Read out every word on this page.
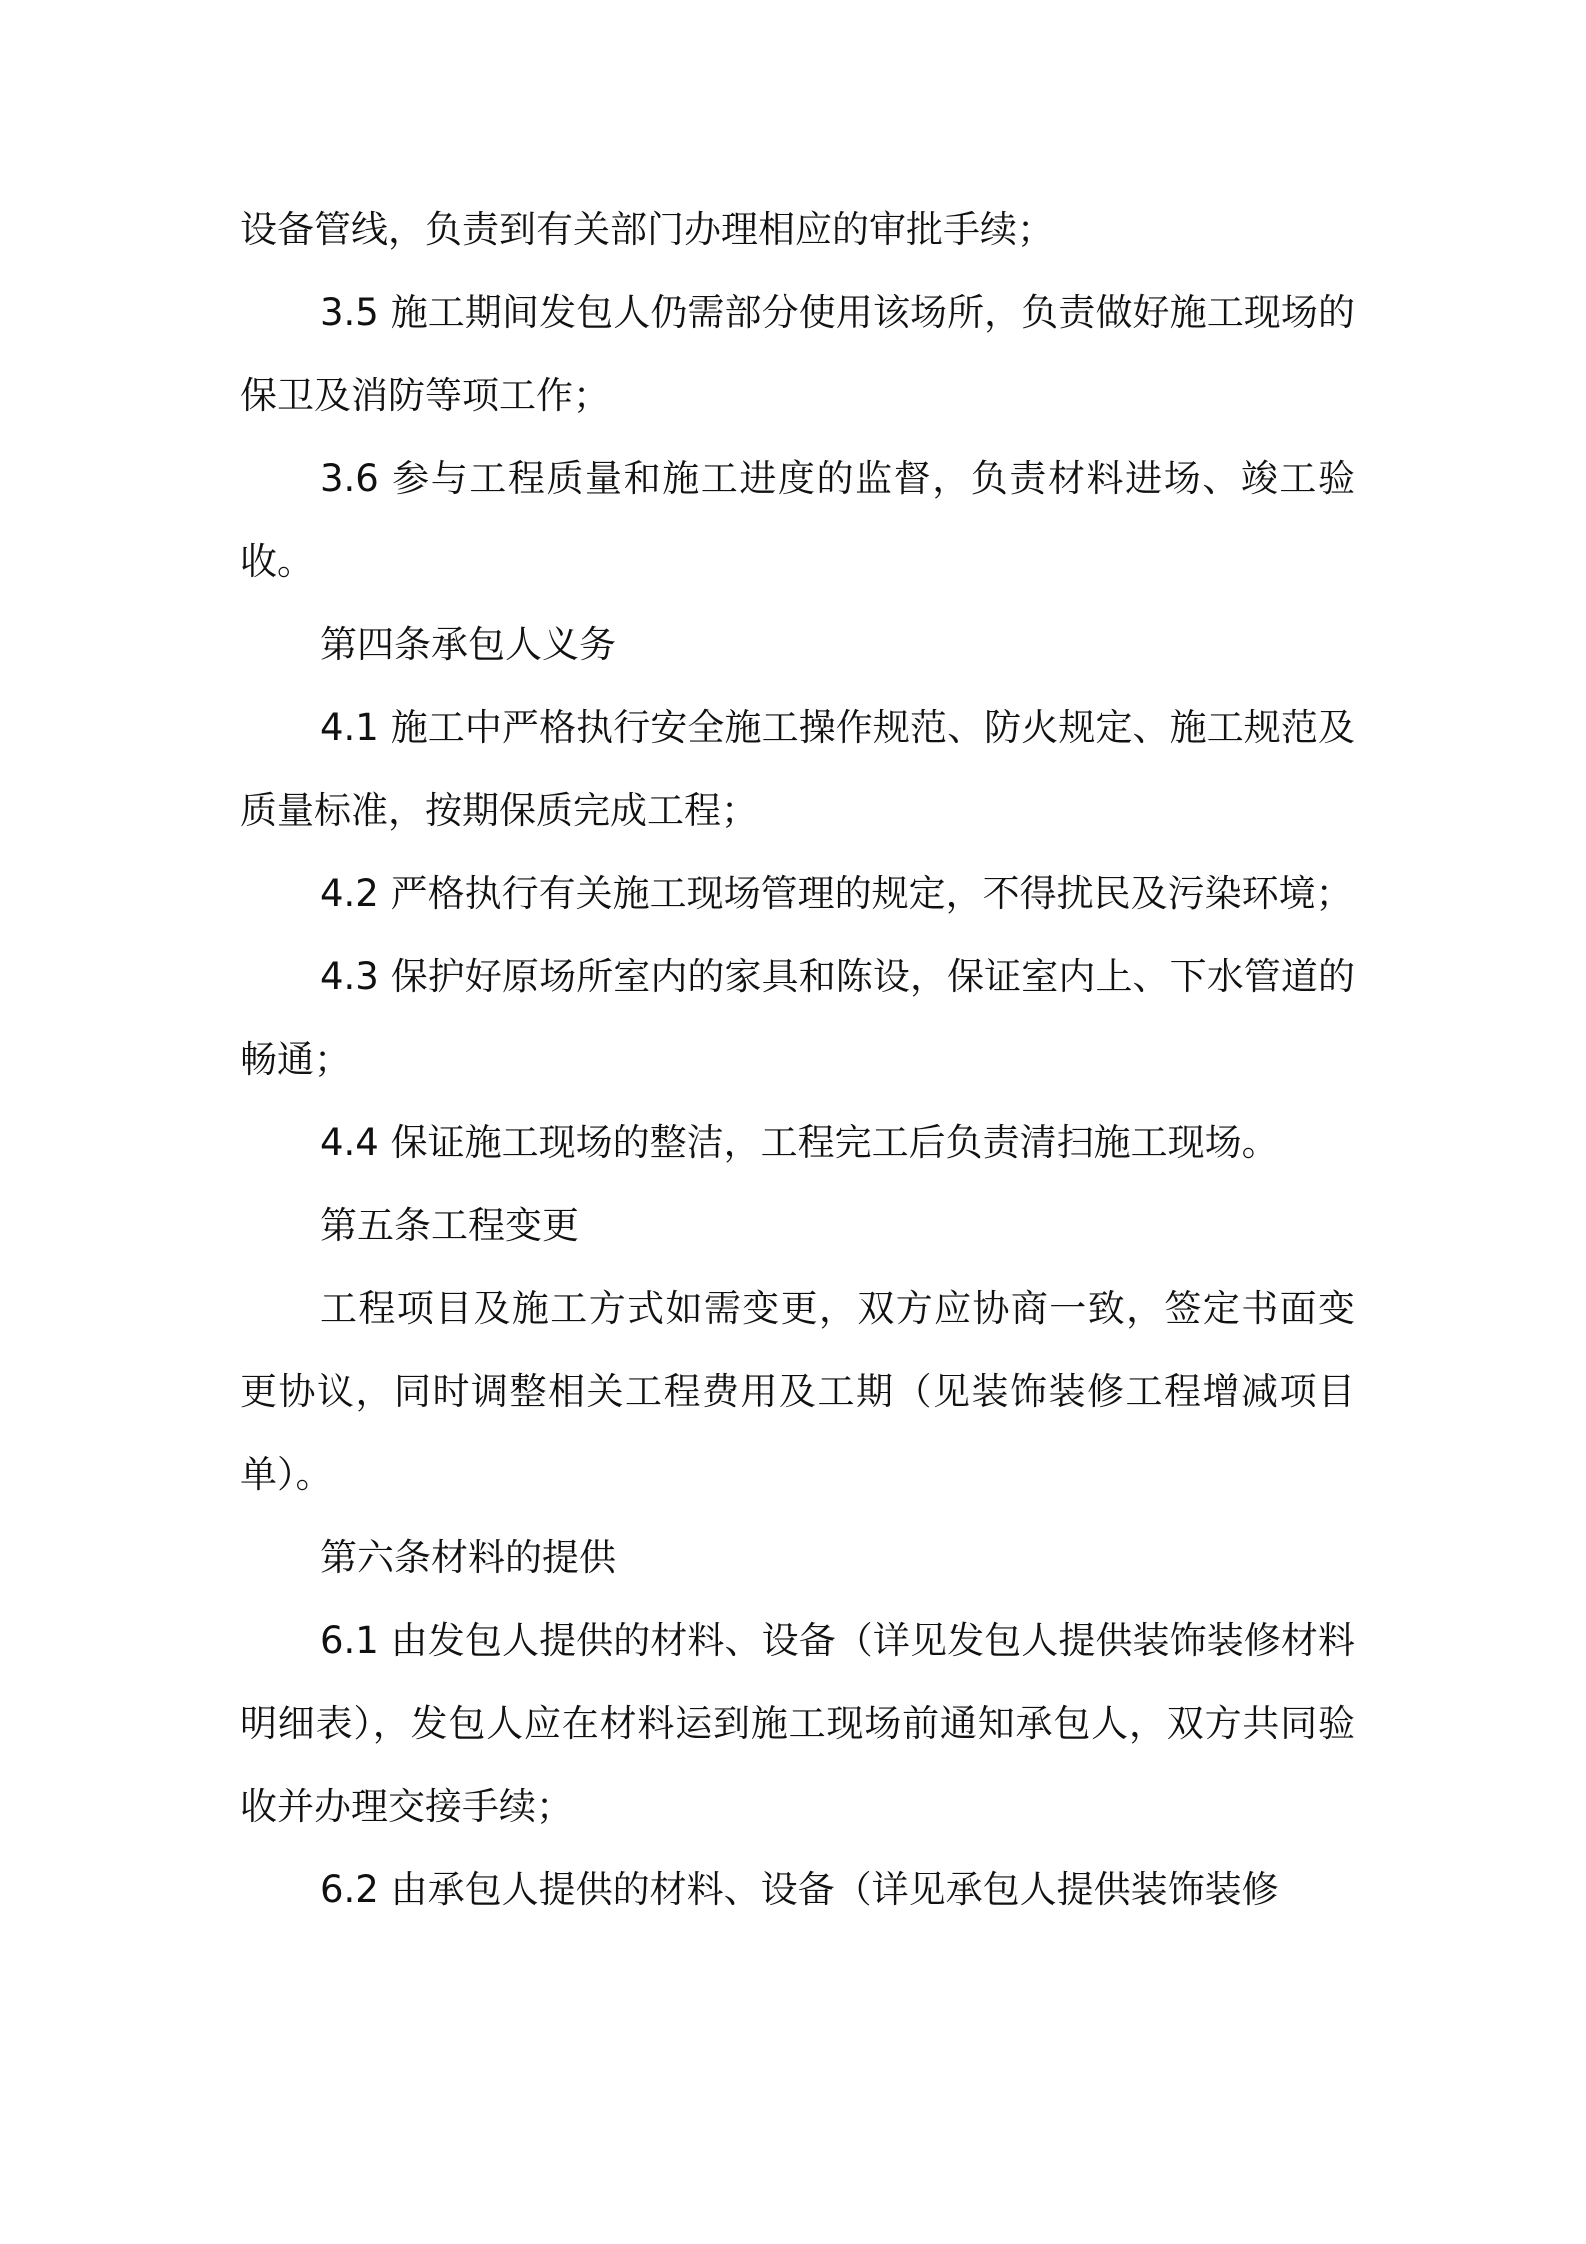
设备管线，负责到有关部门办理相应的审批手续；

3.5 施工期间发包人仍需部分使用该场所，负责做好施工现场的保卫及消防等项工作；

3.6 参与工程质量和施工进度的监督，负责材料进场、竣工验收。

第四条承包人义务

4.1 施工中严格执行安全施工操作规范、防火规定、施工规范及质量标准，按期保质完成工程；

4.2 严格执行有关施工现场管理的规定，不得扰民及污染环境；

4.3 保护好原场所室内的家具和陈设，保证室内上、下水管道的畅通；

4.4 保证施工现场的整洁，工程完工后负责清扫施工现场。

第五条工程变更

工程项目及施工方式如需变更，双方应协商一致，签定书面变更协议，同时调整相关工程费用及工期（见装饰装修工程增减项目单）。

第六条材料的提供

6.1 由发包人提供的材料、设备（详见发包人提供装饰装修材料明细表），发包人应在材料运到施工现场前通知承包人，双方共同验收并办理交接手续；

6.2 由承包人提供的材料、设备（详见承包人提供装饰装修
